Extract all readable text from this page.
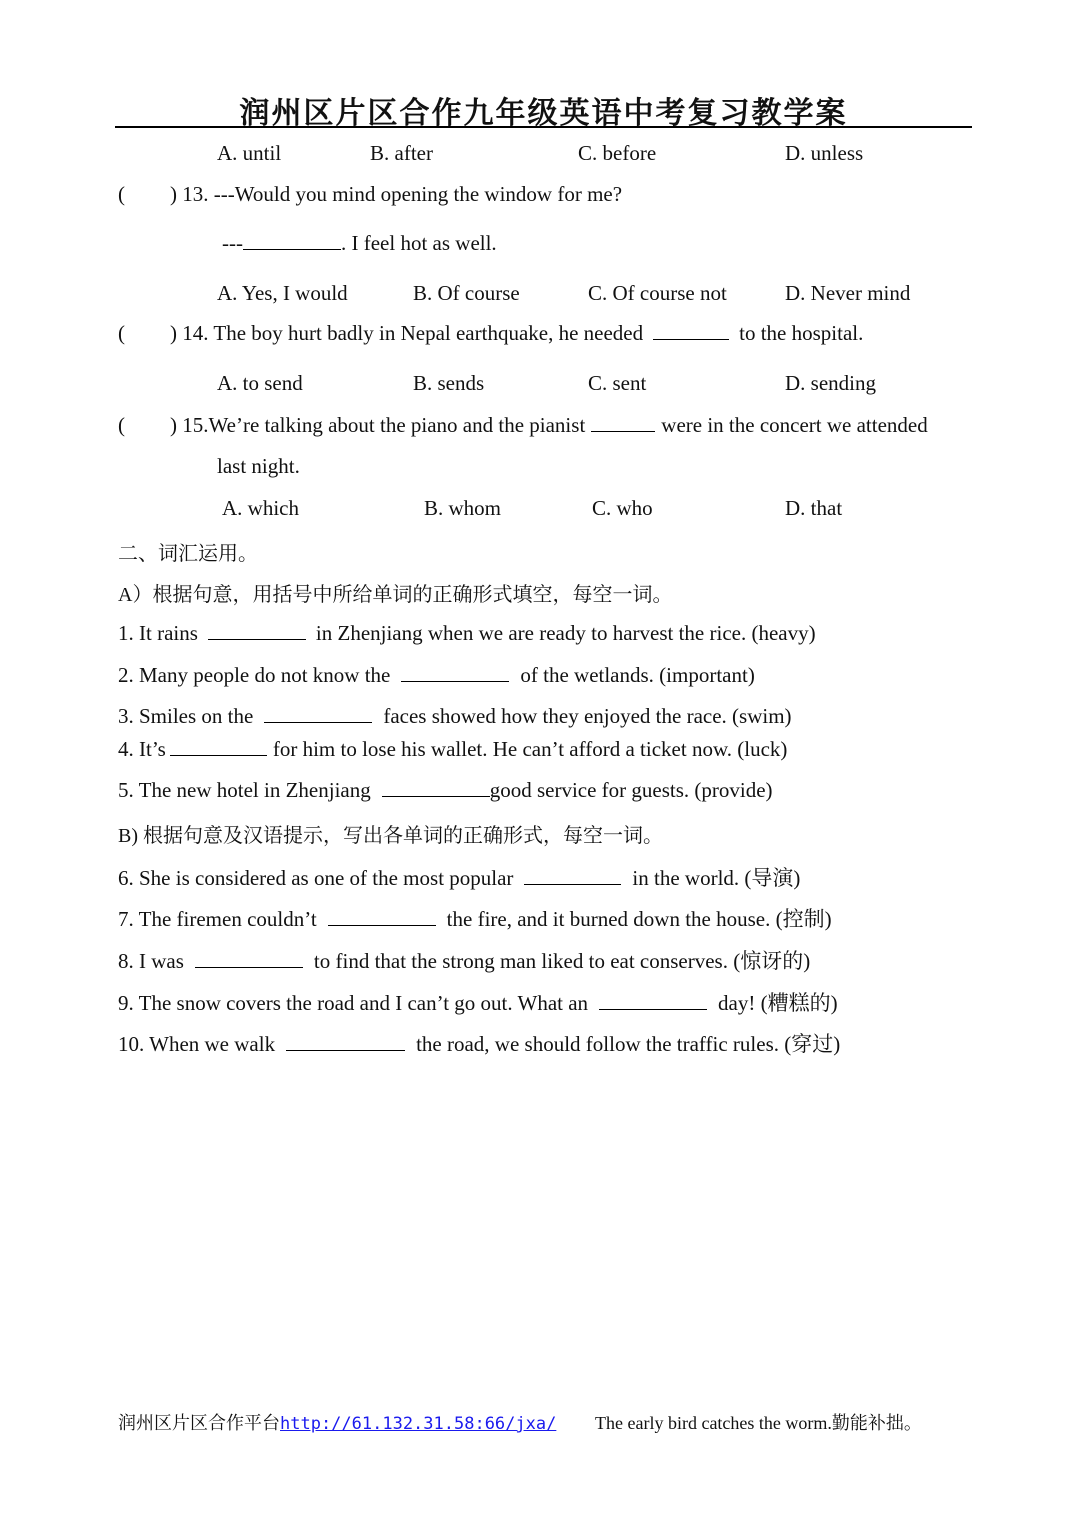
润州区片区合作九年级英语中考复习教学案
A. until	B. after	C. before	D. unless
( ) 13. ---Would you mind opening the window for me?
---	. I feel hot as well.
A. Yes, I would	B. Of course	C. Of course not	D. Never mind
( ) 14. The boy hurt badly in Nepal earthquake, he needed	to the hospital.
A. to send	B. sends	C. sent	D. sending
( ) 15.We’re talking about the piano and the pianist	were in the concert we attended
last night.
A. which	B. whom	C. who	D. that
二、词汇运用。
A）根据句意，用括号中所给单词的正确形式填空，每空一词。
1. It rains	in Zhenjiang when we are ready to harvest the rice. (heavy)
2. Many people do not know the	of the wetlands. (important)
3. Smiles on the	faces showed how they enjoyed the race. (swim)
4. It’s	for him to lose his wallet. He can’t afford a ticket now. (luck)
5. The new hotel in Zhenjiang	good service for guests. (provide)
B) 根据句意及汉语提示，写出各单词的正确形式，每空一词。
6. She is considered as one of the most popular	in the world. (导演)
7. The firemen couldn’t	the fire, and it burned down the house. (控制)
8. I was	to find that the strong man liked to eat conserves. (惊讶的)
9. The snow covers the road and I can’t go out. What an	day! (糟糕的)
10. When we walk	the road, we should follow the traffic rules. (穿过)
润州区片区合作平台http://61.132.31.58:66/jxa/ The early bird catches the worm.勤能补拙。
